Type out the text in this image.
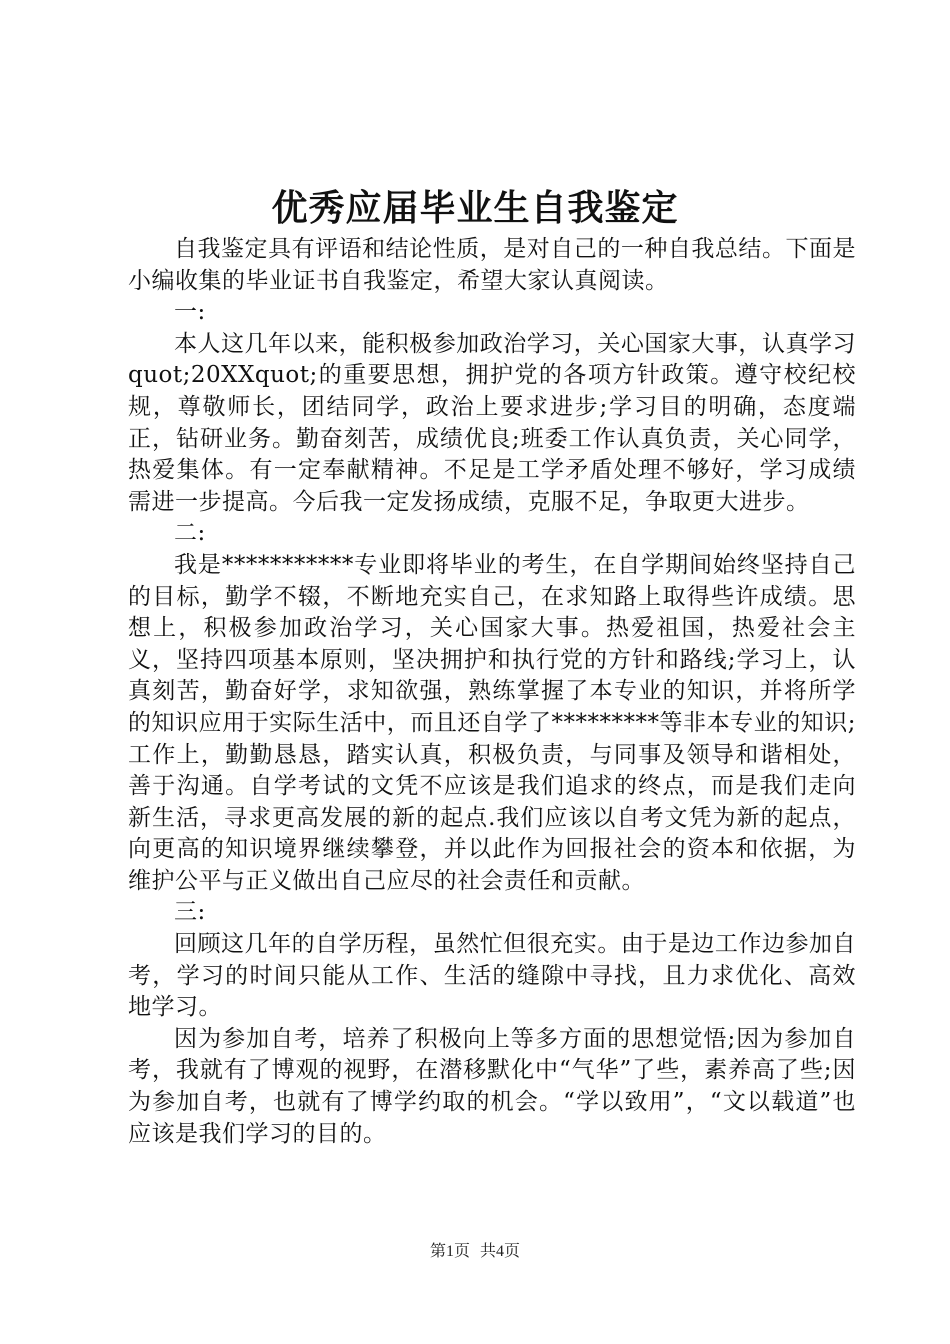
优秀应届毕业生自我鉴定

自我鉴定具有评语和结论性质，是对自己的一种自我总结。下面是小编收集的毕业证书自我鉴定，希望大家认真阅读。

一:

本人这几年以来，能积极参加政治学习，关心国家大事，认真学习quot;20XXquot;的重要思想，拥护党的各项方针政策。遵守校纪校规，尊敬师长，团结同学，政治上要求进步;学习目的明确，态度端正，钻研业务。勤奋刻苦，成绩优良;班委工作认真负责，关心同学，热爱集体。有一定奉献精神。不足是工学矛盾处理不够好，学习成绩需进一步提高。今后我一定发扬成绩，克服不足，争取更大进步。

二:

我是***********专业即将毕业的考生，在自学期间始终坚持自己的目标，勤学不辍，不断地充实自己，在求知路上取得些许成绩。思想上，积极参加政治学习，关心国家大事。热爱祖国，热爱社会主义，坚持四项基本原则，坚决拥护和执行党的方针和路线;学习上，认真刻苦，勤奋好学，求知欲强，熟练掌握了本专业的知识，并将所学的知识应用于实际生活中，而且还自学了*********等非本专业的知识;工作上，勤勤恳恳，踏实认真，积极负责，与同事及领导和谐相处，善于沟通。自学考试的文凭不应该是我们追求的终点，而是我们走向新生活，寻求更高发展的新的起点.我们应该以自考文凭为新的起点，向更高的知识境界继续攀登，并以此作为回报社会的资本和依据，为维护公平与正义做出自己应尽的社会责任和贡献。

三:

回顾这几年的自学历程，虽然忙但很充实。由于是边工作边参加自考，学习的时间只能从工作、生活的缝隙中寻找，且力求优化、高效地学习。

因为参加自考，培养了积极向上等多方面的思想觉悟;因为参加自考，我就有了博观的视野，在潜移默化中“气华”了些，素养高了些;因为参加自考，也就有了博学约取的机会。“学以致用”，“文以载道”也应该是我们学习的目的。

第1页 共4页
